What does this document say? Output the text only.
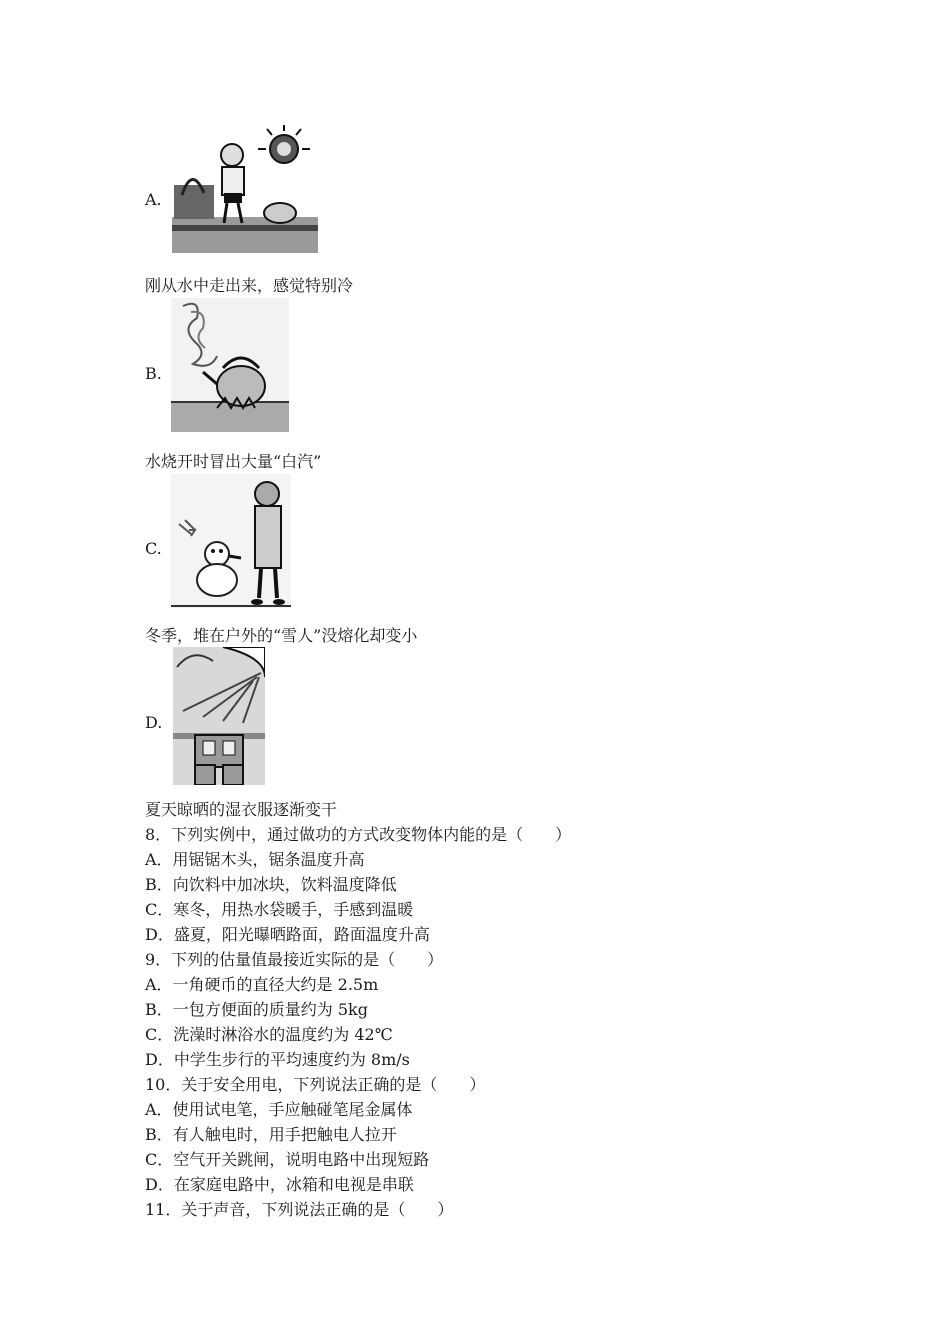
A.
刚从水中走出来，感觉特别冷
B.
水烧开时冒出大量“白汽”
C.
冬季，堆在户外的“雪人”没熔化却变小
D.
夏天晾晒的湿衣服逐渐变干
8．下列实例中，通过做功的方式改变物体内能的是（　　）
A．用锯锯木头，锯条温度升高
B．向饮料中加冰块，饮料温度降低
C．寒冬，用热水袋暖手，手感到温暖
D．盛夏，阳光曝晒路面，路面温度升高
9．下列的估量值最接近实际的是（　　）
A．一角硬币的直径大约是 2.5m
B．一包方便面的质量约为 5kg
C．洗澡时淋浴水的温度约为 42℃
D．中学生步行的平均速度约为 8m/s
10．关于安全用电，下列说法正确的是（　　）
A．使用试电笔，手应触碰笔尾金属体
B．有人触电时，用手把触电人拉开
C．空气开关跳闸，说明电路中出现短路
D．在家庭电路中，冰箱和电视是串联
11．关于声音，下列说法正确的是（　　）
